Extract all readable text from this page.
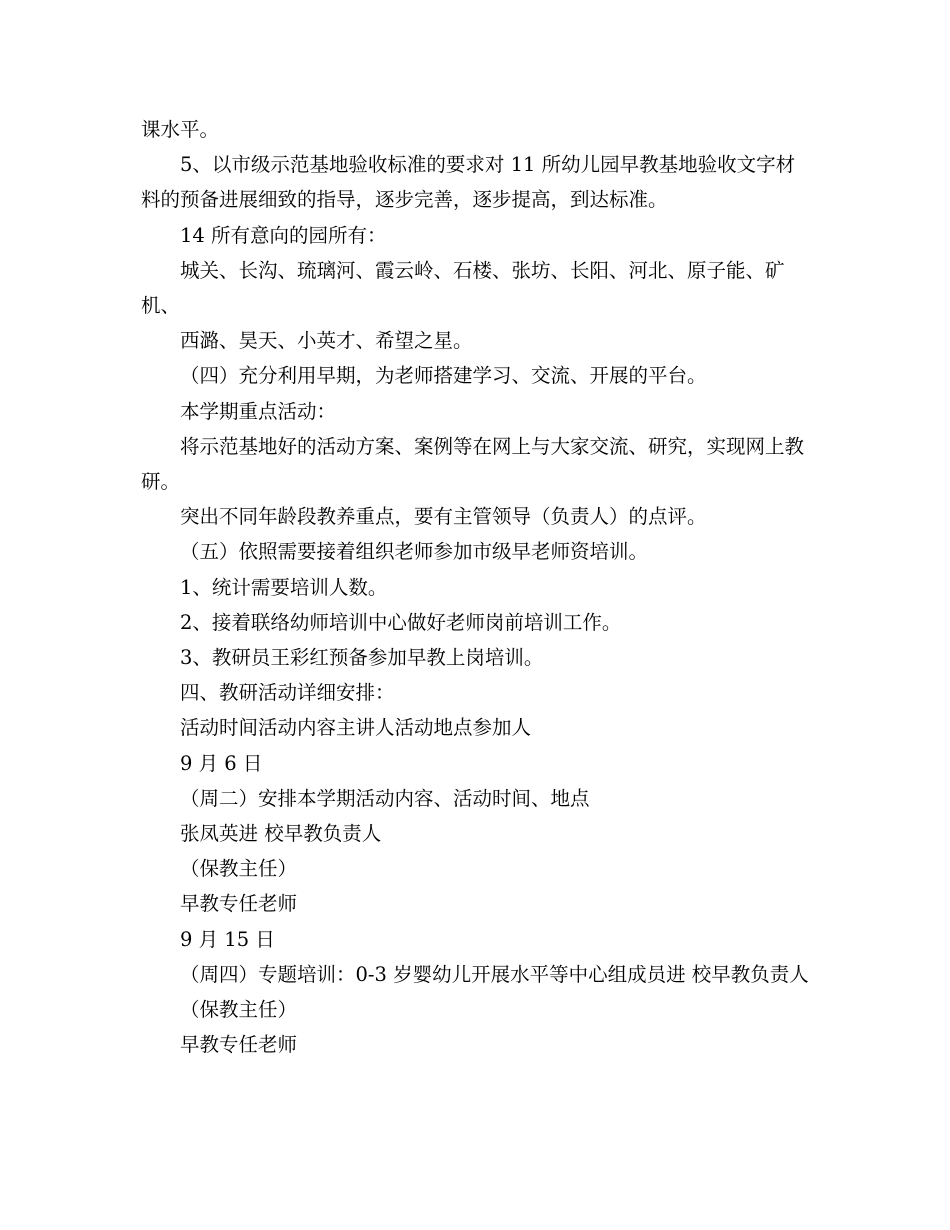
课水平。

5、以市级示范基地验收标准的要求对 11 所幼儿园早教基地验收文字材料的预备进展细致的指导，逐步完善，逐步提高，到达标准。

14 所有意向的园所有：

城关、长沟、琉璃河、霞云岭、石楼、张坊、长阳、河北、原子能、矿机、

西潞、昊天、小英才、希望之星。

（四）充分利用早期，为老师搭建学习、交流、开展的平台。

本学期重点活动：

将示范基地好的活动方案、案例等在网上与大家交流、研究，实现网上教研。

突出不同年龄段教养重点，要有主管领导（负责人）的点评。

（五）依照需要接着组织老师参加市级早老师资培训。

1、统计需要培训人数。

2、接着联络幼师培训中心做好老师岗前培训工作。

3、教研员王彩红预备参加早教上岗培训。

四、教研活动详细安排：

活动时间活动内容主讲人活动地点参加人

9 月 6 日

（周二）安排本学期活动内容、活动时间、地点

张凤英进 校早教负责人

（保教主任）

早教专任老师

9 月 15 日

（周四）专题培训：0-3 岁婴幼儿开展水平等中心组成员进 校早教负责人

（保教主任）

早教专任老师
